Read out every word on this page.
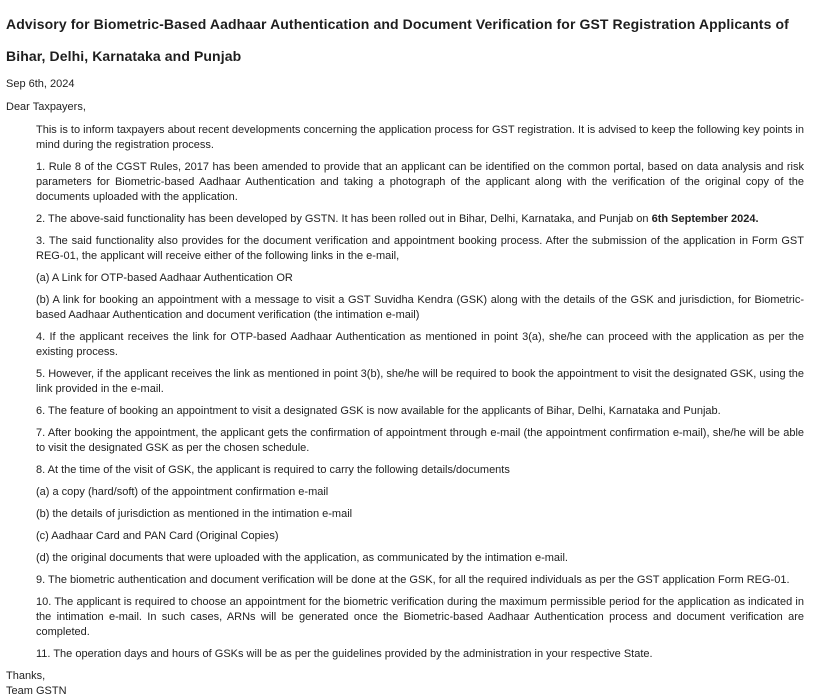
Advisory for Biometric-Based Aadhaar Authentication and Document Verification for GST Registration Applicants of Bihar, Delhi, Karnataka and Punjab

Sep 6th, 2024

Dear Taxpayers,

This is to inform taxpayers about recent developments concerning the application process for GST registration. It is advised to keep the following key points in mind during the registration process.

1. Rule 8 of the CGST Rules, 2017 has been amended to provide that an applicant can be identified on the common portal, based on data analysis and risk parameters for Biometric-based Aadhaar Authentication and taking a photograph of the applicant along with the verification of the original copy of the documents uploaded with the application.

2. The above-said functionality has been developed by GSTN. It has been rolled out in Bihar, Delhi, Karnataka, and Punjab on 6th September 2024.

3. The said functionality also provides for the document verification and appointment booking process. After the submission of the application in Form GST REG-01, the applicant will receive either of the following links in the e-mail,

(a) A Link for OTP-based Aadhaar Authentication OR

(b) A link for booking an appointment with a message to visit a GST Suvidha Kendra (GSK) along with the details of the GSK and jurisdiction, for Biometric-based Aadhaar Authentication and document verification (the intimation e-mail)

4. If the applicant receives the link for OTP-based Aadhaar Authentication as mentioned in point 3(a), she/he can proceed with the application as per the existing process.

5. However, if the applicant receives the link as mentioned in point 3(b), she/he will be required to book the appointment to visit the designated GSK, using the link provided in the e-mail.

6. The feature of booking an appointment to visit a designated GSK is now available for the applicants of Bihar, Delhi, Karnataka and Punjab.

7. After booking the appointment, the applicant gets the confirmation of appointment through e-mail (the appointment confirmation e-mail), she/he will be able to visit the designated GSK as per the chosen schedule.

8. At the time of the visit of GSK, the applicant is required to carry the following details/documents

(a) a copy (hard/soft) of the appointment confirmation e-mail

(b) the details of jurisdiction as mentioned in the intimation e-mail

(c) Aadhaar Card and PAN Card (Original Copies)

(d) the original documents that were uploaded with the application, as communicated by the intimation e-mail.

9. The biometric authentication and document verification will be done at the GSK, for all the required individuals as per the GST application Form REG-01.

10. The applicant is required to choose an appointment for the biometric verification during the maximum permissible period for the application as indicated in the intimation e-mail. In such cases, ARNs will be generated once the Biometric-based Aadhaar Authentication process and document verification are completed.

11. The operation days and hours of GSKs will be as per the guidelines provided by the administration in your respective State.

Thanks,

Team GSTN
